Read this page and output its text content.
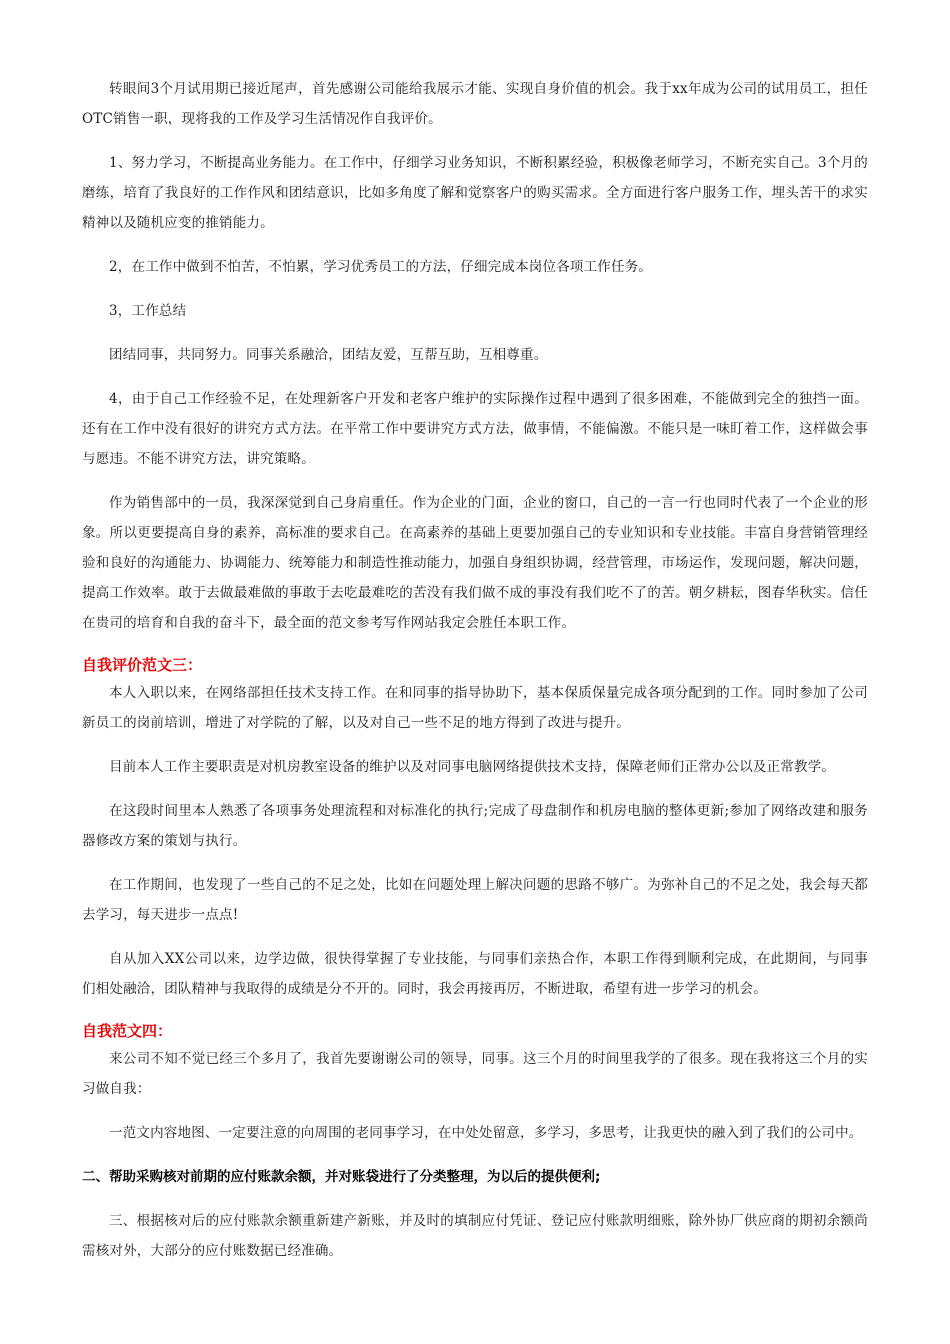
转眼间3个月试用期已接近尾声，首先感谢公司能给我展示才能、实现自身价值的机会。我于xx年成为公司的试用员工，担任OTC销售一职，现将我的工作及学习生活情况作自我评价。

1、努力学习，不断提高业务能力。在工作中，仔细学习业务知识，不断积累经验，积极像老师学习，不断充实自己。3个月的磨练，培育了我良好的工作作风和团结意识，比如多角度了解和觉察客户的购买需求。全方面进行客户服务工作，埋头苦干的求实精神以及随机应变的推销能力。

2，在工作中做到不怕苦，不怕累，学习优秀员工的方法，仔细完成本岗位各项工作任务。

3，工作总结

团结同事，共同努力。同事关系融洽，团结友爱，互帮互助，互相尊重。

4，由于自己工作经验不足，在处理新客户开发和老客户维护的实际操作过程中遇到了很多困难，不能做到完全的独挡一面。还有在工作中没有很好的讲究方式方法。在平常工作中要讲究方式方法，做事情，不能偏激。不能只是一味盯着工作，这样做会事与愿违。不能不讲究方法，讲究策略。

作为销售部中的一员，我深深觉到自己身肩重任。作为企业的门面，企业的窗口，自己的一言一行也同时代表了一个企业的形象。所以更要提高自身的素养，高标准的要求自己。在高素养的基础上更要加强自己的专业知识和专业技能。丰富自身营销管理经验和良好的沟通能力、协调能力、统筹能力和制造性推动能力，加强自身组织协调，经营管理，市场运作，发现问题，解决问题，提高工作效率。敢于去做最难做的事敢于去吃最难吃的苦没有我们做不成的事没有我们吃不了的苦。朝夕耕耘，图春华秋实。信任在贵司的培育和自我的奋斗下，最全面的范文参考写作网站我定会胜任本职工作。

自我评价范文三：

本人入职以来，在网络部担任技术支持工作。在和同事的指导协助下，基本保质保量完成各项分配到的工作。同时参加了公司新员工的岗前培训，增进了对学院的了解，以及对自己一些不足的地方得到了改进与提升。

目前本人工作主要职责是对机房教室设备的维护以及对同事电脑网络提供技术支持，保障老师们正常办公以及正常教学。

在这段时间里本人熟悉了各项事务处理流程和对标准化的执行;完成了母盘制作和机房电脑的整体更新;参加了网络改建和服务器修改方案的策划与执行。

在工作期间，也发现了一些自己的不足之处，比如在问题处理上解决问题的思路不够广。为弥补自己的不足之处，我会每天都去学习，每天进步一点点!

自从加入XX公司以来，边学边做，很快得掌握了专业技能，与同事们亲热合作，本职工作得到顺利完成，在此期间，与同事们相处融洽，团队精神与我取得的成绩是分不开的。同时，我会再接再厉，不断进取，希望有进一步学习的机会。

自我范文四：

来公司不知不觉已经三个多月了，我首先要谢谢公司的领导，同事。这三个月的时间里我学的了很多。现在我将这三个月的实习做自我：

一范文内容地图、一定要注意的向周围的老同事学习，在中处处留意，多学习，多思考，让我更快的融入到了我们的公司中。

二、帮助采购核对前期的应付账款余额，并对账袋进行了分类整理，为以后的提供便利;

三、根据核对后的应付账款余额重新建产新账，并及时的填制应付凭证、登记应付账款明细账，除外协厂供应商的期初余额尚需核对外，大部分的应付账数据已经准确。
